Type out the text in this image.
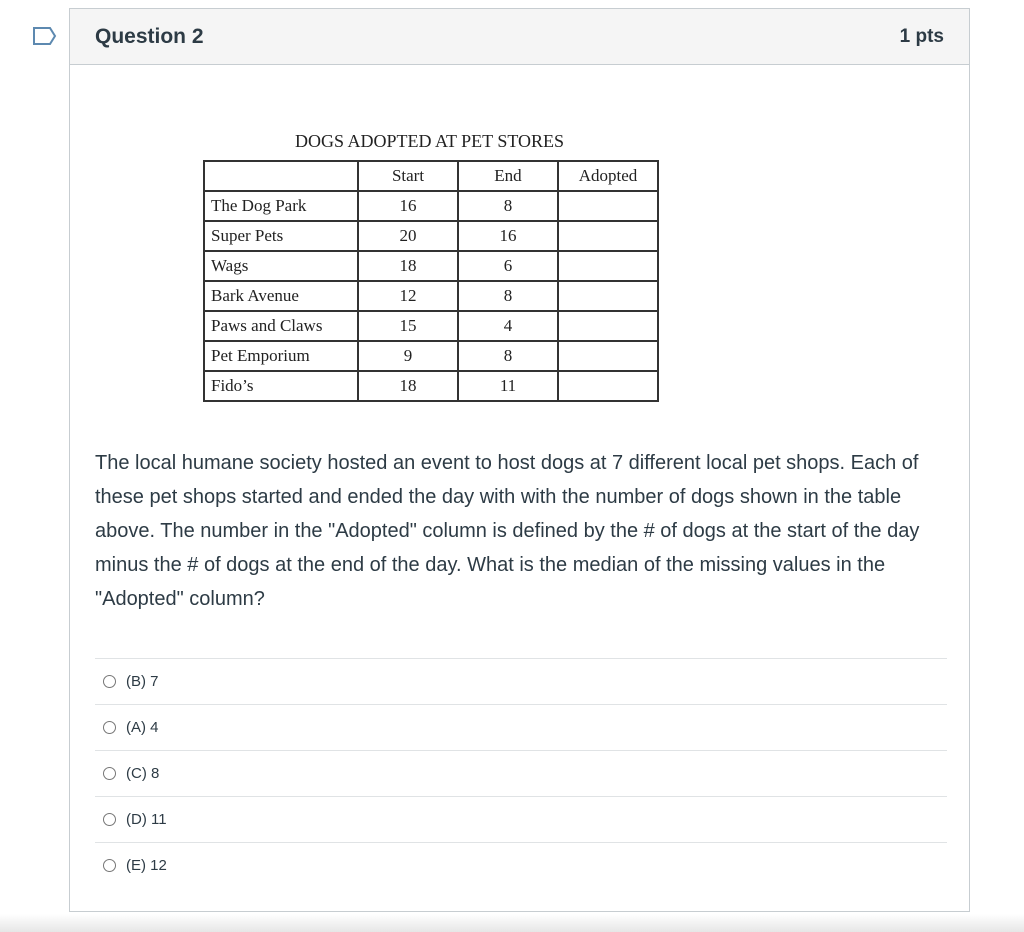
Question 2	1 pts
DOGS ADOPTED AT PET STORES
	Start	End	Adopted
The Dog Park	16	8	
Super Pets	20	16	
Wags	18	6	
Bark Avenue	12	8	
Paws and Claws	15	4	
Pet Emporium	9	8	
Fido’s	18	11	
The local humane society hosted an event to host dogs at 7 different local pet shops. Each of these pet shops started and ended the day with with the number of dogs shown in the table above. The number in the "Adopted" column is defined by the # of dogs at the start of the day minus the # of dogs at the end of the day. What is the median of the missing values in the "Adopted" column?
(B) 7
(A) 4
(C) 8
(D) 11
(E) 12
